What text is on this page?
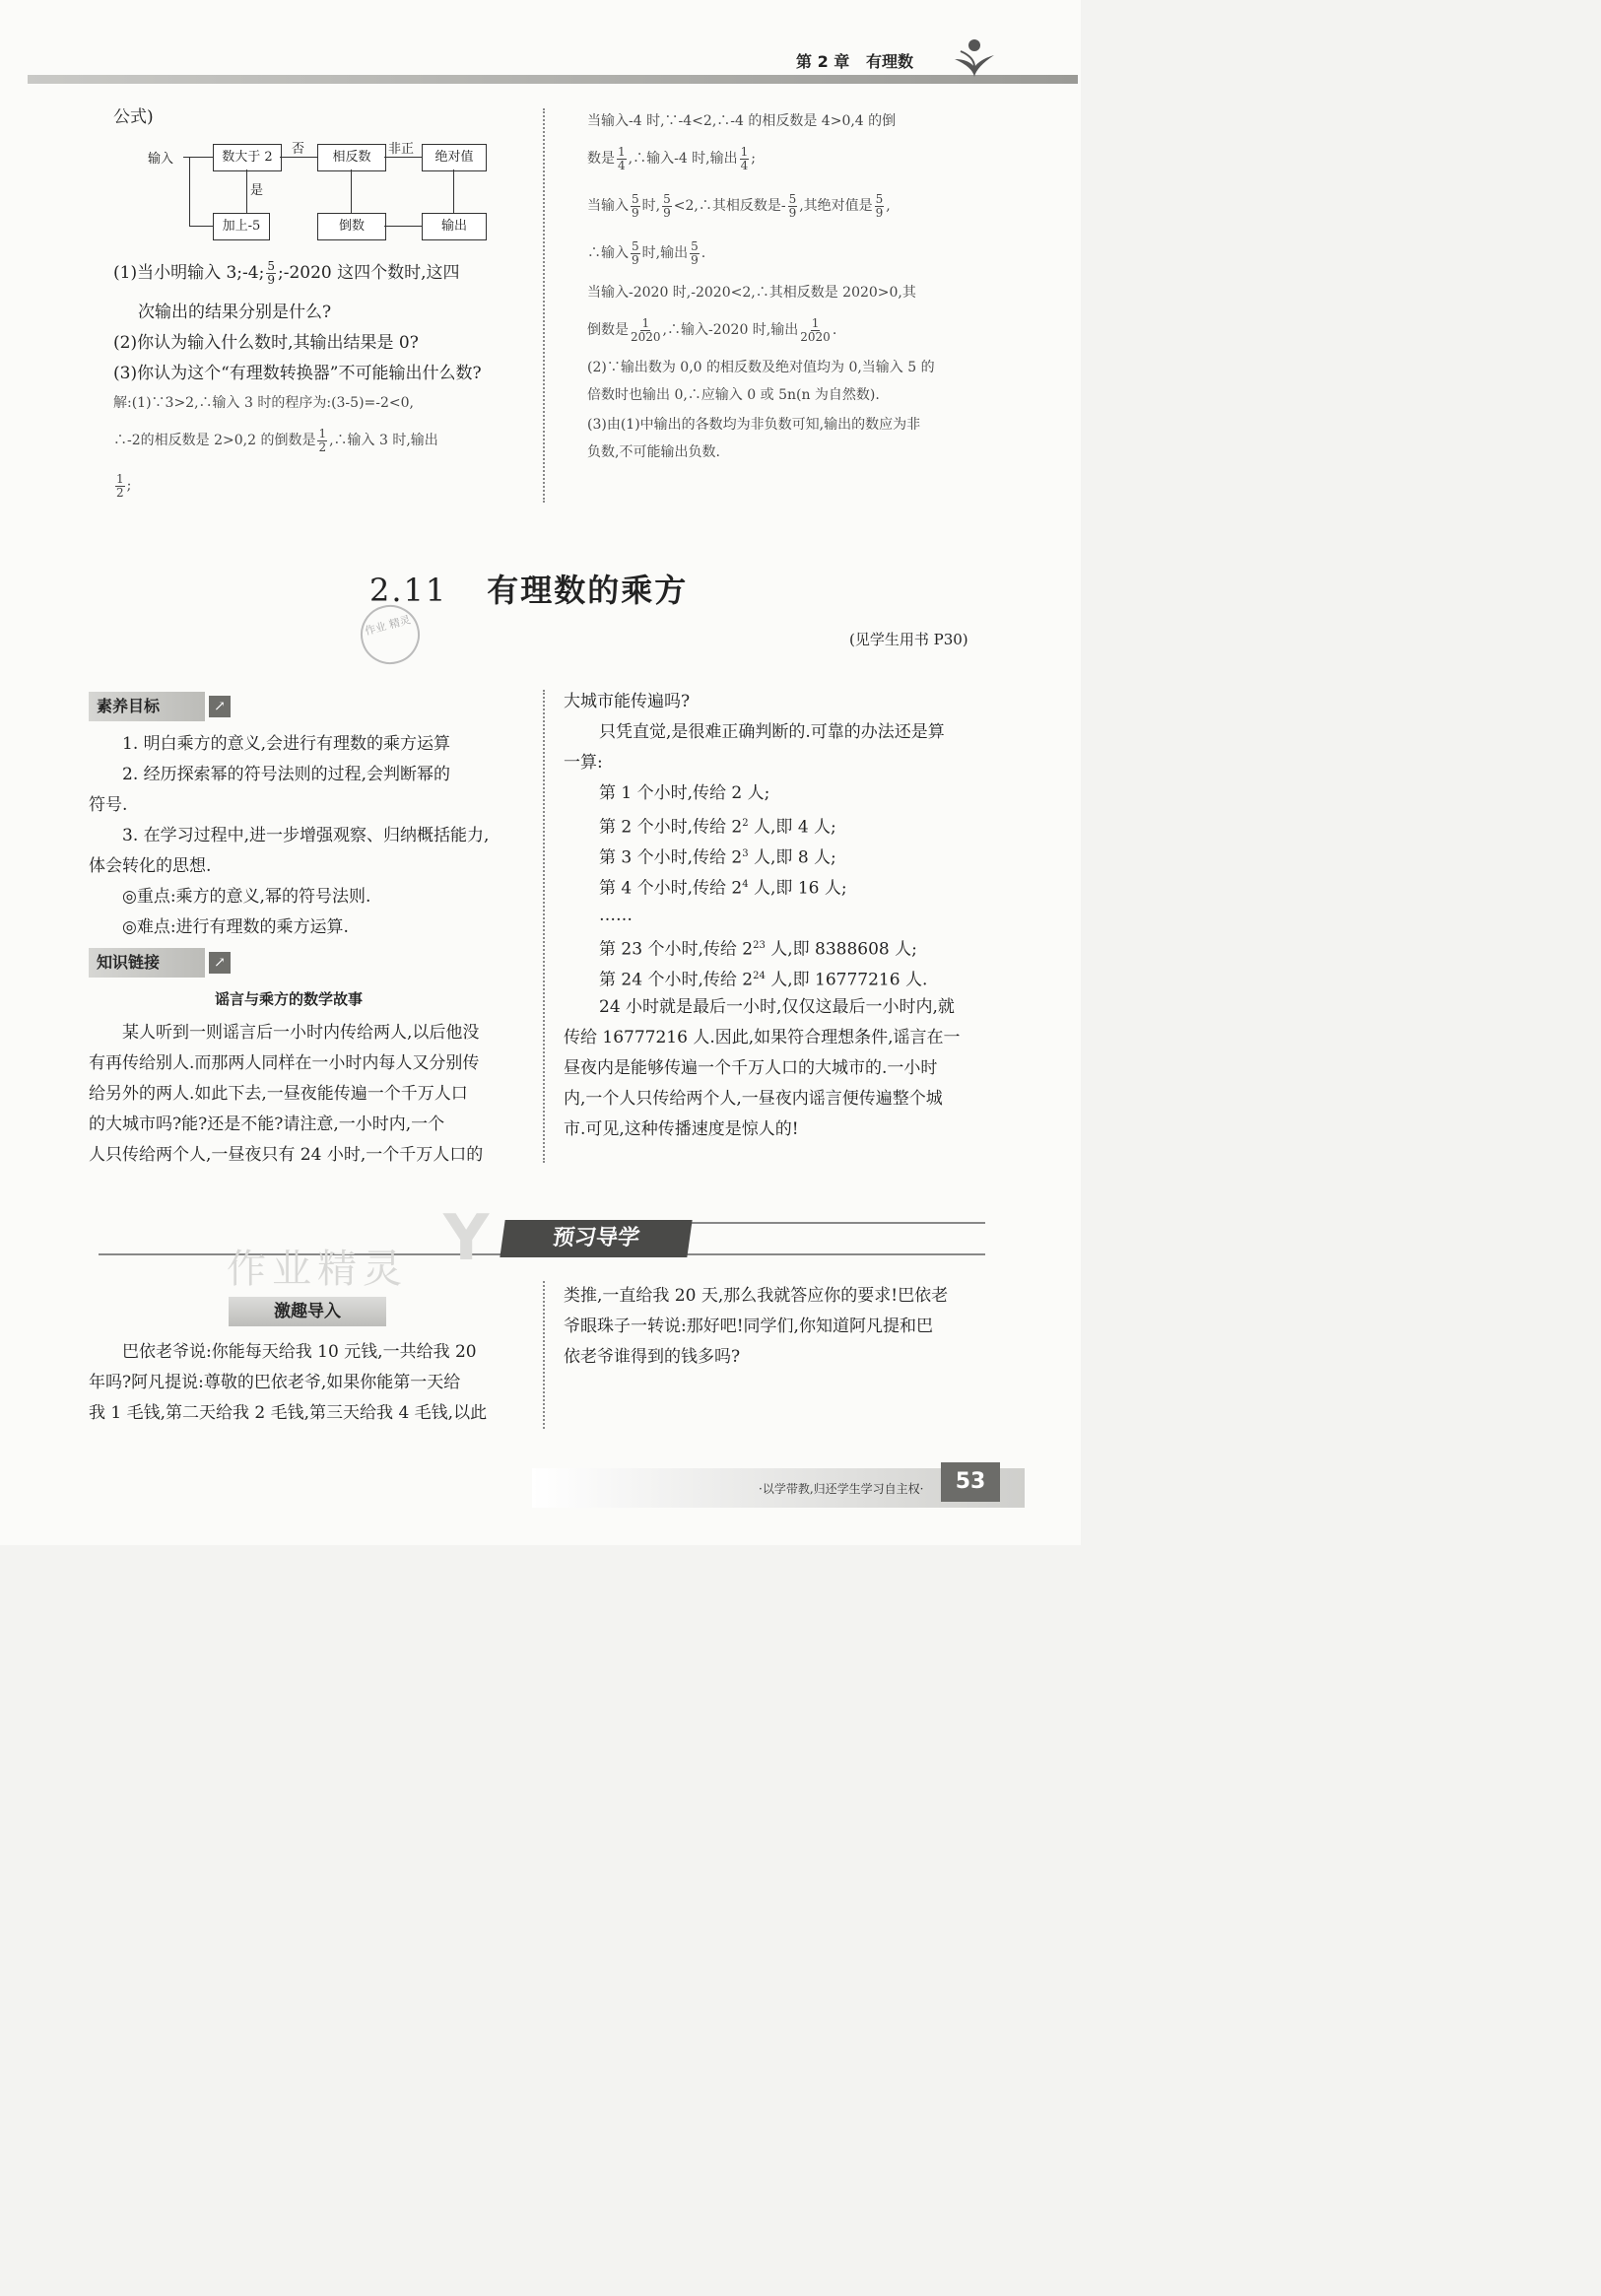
第 2 章 有理数
公式)
输入	数大于 2
否
相反数
非正
绝对值
是
加上-5	倒数	输出
(1)当小明输入 3;-4; $\frac{5}{9}$ ;-2020 这四个数时,这四
次输出的结果分别是什么?
(2)你认为输入什么数时,其输出结果是 0?
(3)你认为这个“有理数转换器”不可能输出什么数?
解:(1)∵3>2,∴输入 3 时的程序为:(3-5)=-2<0,
∴-2的相反数是 2>0,2 的倒数是 $\frac{1}{2}$ ,∴输入 3 时,输出
$\frac{1}{2}$ ;
当输入-4 时,∵-4<2,∴-4 的相反数是 4>0,4 的倒
数是 $\frac{1}{4}$ ,∴输入-4 时,输出 $\frac{1}{4}$ ;
当输入 $\frac{5}{9}$ 时, $\frac{5}{9}$ <2,∴其相反数是- $\frac{5}{9}$ ,其绝对值是 $\frac{5}{9}$ ,
∴输入 $\frac{5}{9}$ 时,输出 $\frac{5}{9}$ .
当输入-2020 时,-2020<2,∴其相反数是 2020>0,其
倒数是 $\frac{1}{2020}$ ,∴输入-2020 时,输出 $\frac{1}{2020}$ .
(2)∵输出数为 0,0 的相反数及绝对值均为 0,当输入 5 的
倍数时也输出 0,∴应输入 0 或 5n(n 为自然数).
(3)由(1)中输出的各数均为非负数可知,输出的数应为非
负数,不可能输出负数.
2.11 有理数的乘方
作业 精灵
(见学生用书 P30)
素养目标	↗
1. 明白乘方的意义,会进行有理数的乘方运算
2. 经历探索幂的符号法则的过程,会判断幂的
符号.
3. 在学习过程中,进一步增强观察、归纳概括能力,
体会转化的思想.
◎重点:乘方的意义,幂的符号法则.
◎难点:进行有理数的乘方运算.
知识链接	↗
谣言与乘方的数学故事
某人听到一则谣言后一小时内传给两人,以后他没
有再传给别人.而那两人同样在一小时内每人又分别传
给另外的两人.如此下去,一昼夜能传遍一个千万人口
的大城市吗?能?还是不能?请注意,一小时内,一个
人只传给两个人,一昼夜只有 24 小时,一个千万人口的
大城市能传遍吗?
只凭直觉,是很难正确判断的.可靠的办法还是算
一算:
第 1 个小时,传给 2 人;
第 2 个小时,传给 $2^2$ 人,即 4 人;
第 3 个小时,传给 $2^3$ 人,即 8 人;
第 4 个小时,传给 $2^4$ 人,即 16 人;
……
第 23 个小时,传给 $2^{23}$ 人,即 8388608 人;
第 24 个小时,传给 $2^{24}$ 人,即 16777216 人.
24 小时就是最后一小时,仅仅这最后一小时内,就
传给 16777216 人.因此,如果符合理想条件,谣言在一
昼夜内是能够传遍一个千万人口的大城市的.一小时
内,一个人只传给两个人,一昼夜内谣言便传遍整个城
市.可见,这种传播速度是惊人的!
Y	预习导学
作业精灵
激趣导入
巴依老爷说:你能每天给我 10 元钱,一共给我 20
年吗?阿凡提说:尊敬的巴依老爷,如果你能第一天给
我 1 毛钱,第二天给我 2 毛钱,第三天给我 4 毛钱,以此
类推,一直给我 20 天,那么我就答应你的要求!巴依老
爷眼珠子一转说:那好吧!同学们,你知道阿凡提和巴
依老爷谁得到的钱多吗?
·以学带教,归还学生学习自主权·	53
